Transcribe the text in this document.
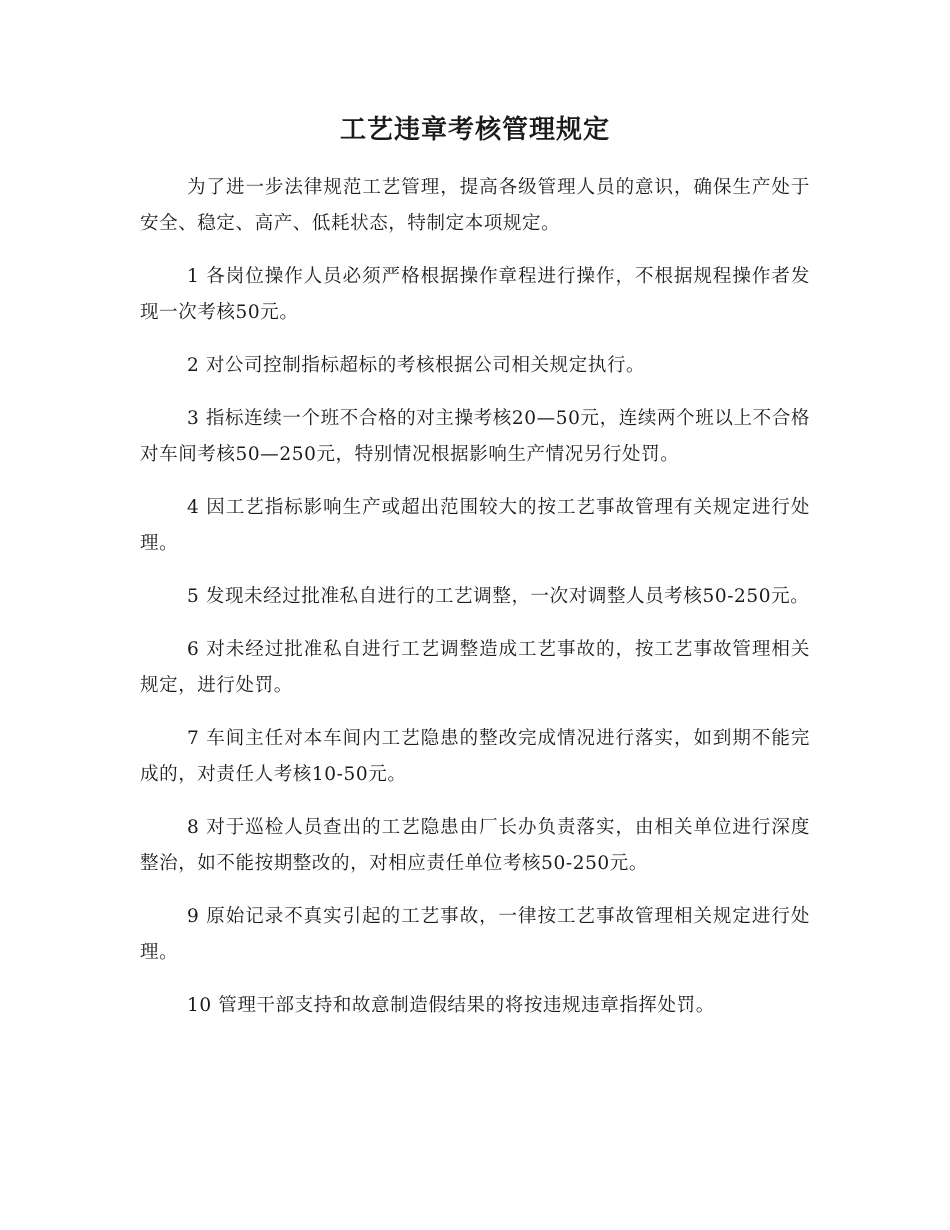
工艺违章考核管理规定

为了进一步法律规范工艺管理，提高各级管理人员的意识，确保生产处于安全、稳定、高产、低耗状态，特制定本项规定。

1 各岗位操作人员必须严格根据操作章程进行操作，不根据规程操作者发现一次考核50元。

2 对公司控制指标超标的考核根据公司相关规定执行。

3 指标连续一个班不合格的对主操考核20—50元，连续两个班以上不合格对车间考核50—250元，特别情况根据影响生产情况另行处罚。

4 因工艺指标影响生产或超出范围较大的按工艺事故管理有关规定进行处理。

5 发现未经过批准私自进行的工艺调整，一次对调整人员考核50-250元。

6 对未经过批准私自进行工艺调整造成工艺事故的，按工艺事故管理相关规定，进行处罚。

7 车间主任对本车间内工艺隐患的整改完成情况进行落实，如到期不能完成的，对责任人考核10-50元。

8 对于巡检人员查出的工艺隐患由厂长办负责落实，由相关单位进行深度整治，如不能按期整改的，对相应责任单位考核50-250元。

9 原始记录不真实引起的工艺事故，一律按工艺事故管理相关规定进行处理。

10 管理干部支持和故意制造假结果的将按违规违章指挥处罚。
